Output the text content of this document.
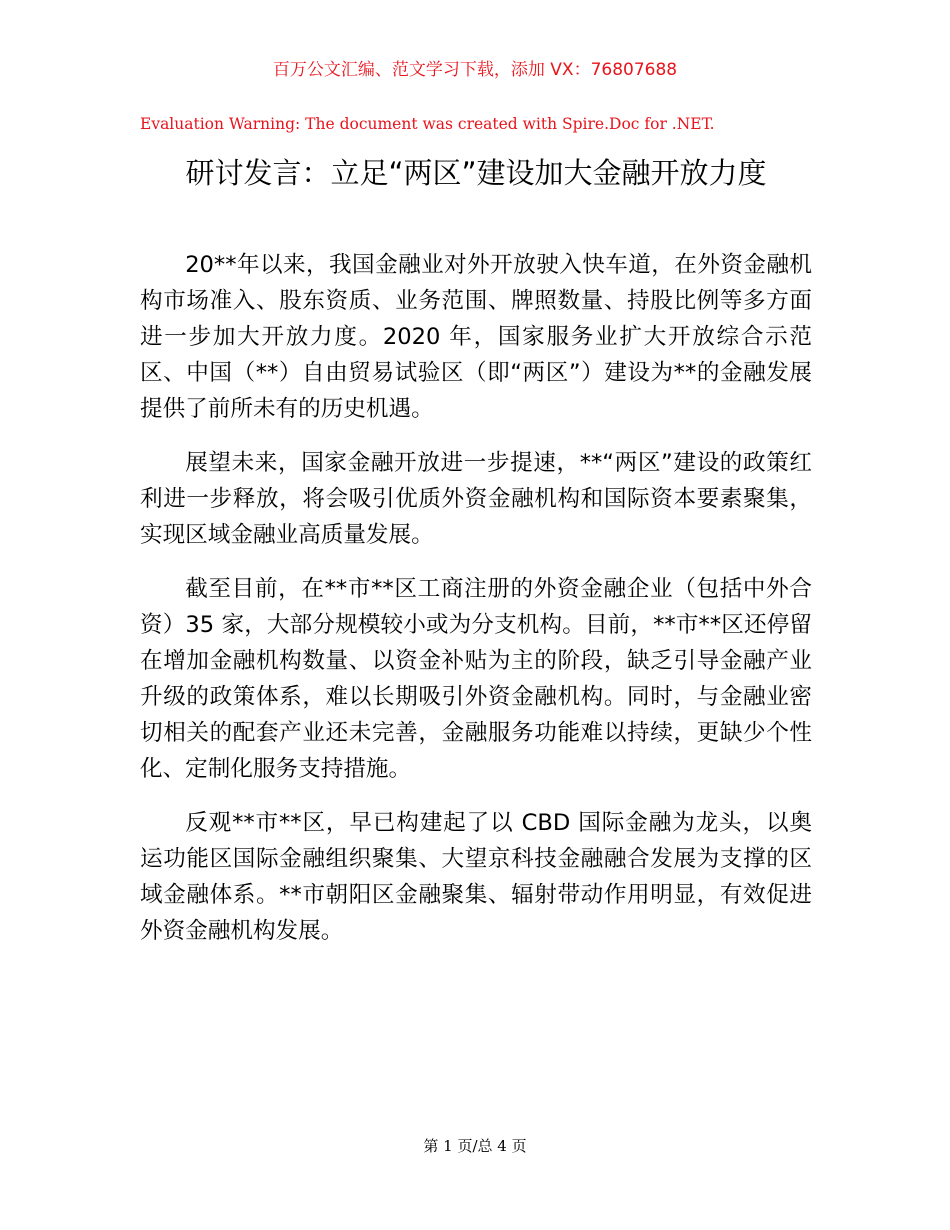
百万公文汇编、范文学习下载，添加 VX：76807688
Evaluation Warning: The document was created with Spire.Doc for .NET.
研讨发言：立足“两区”建设加大金融开放力度

20**年以来，我国金融业对外开放驶入快车道，在外资金融机构市场准入、股东资质、业务范围、牌照数量、持股比例等多方面进一步加大开放力度。2020 年，国家服务业扩大开放综合示范区、中国（**）自由贸易试验区（即“两区”）建设为**的金融发展提供了前所未有的历史机遇。

展望未来，国家金融开放进一步提速，**“两区”建设的政策红利进一步释放，将会吸引优质外资金融机构和国际资本要素聚集，实现区域金融业高质量发展。

截至目前，在**市**区工商注册的外资金融企业（包括中外合资）35 家，大部分规模较小或为分支机构。目前，**市**区还停留在增加金融机构数量、以资金补贴为主的阶段，缺乏引导金融产业升级的政策体系，难以长期吸引外资金融机构。同时，与金融业密切相关的配套产业还未完善，金融服务功能难以持续，更缺少个性化、定制化服务支持措施。

反观**市**区，早已构建起了以 CBD 国际金融为龙头，以奥运功能区国际金融组织聚集、大望京科技金融融合发展为支撑的区域金融体系。**市朝阳区金融聚集、辐射带动作用明显，有效促进外资金融机构发展。

第 1 页/总 4 页
